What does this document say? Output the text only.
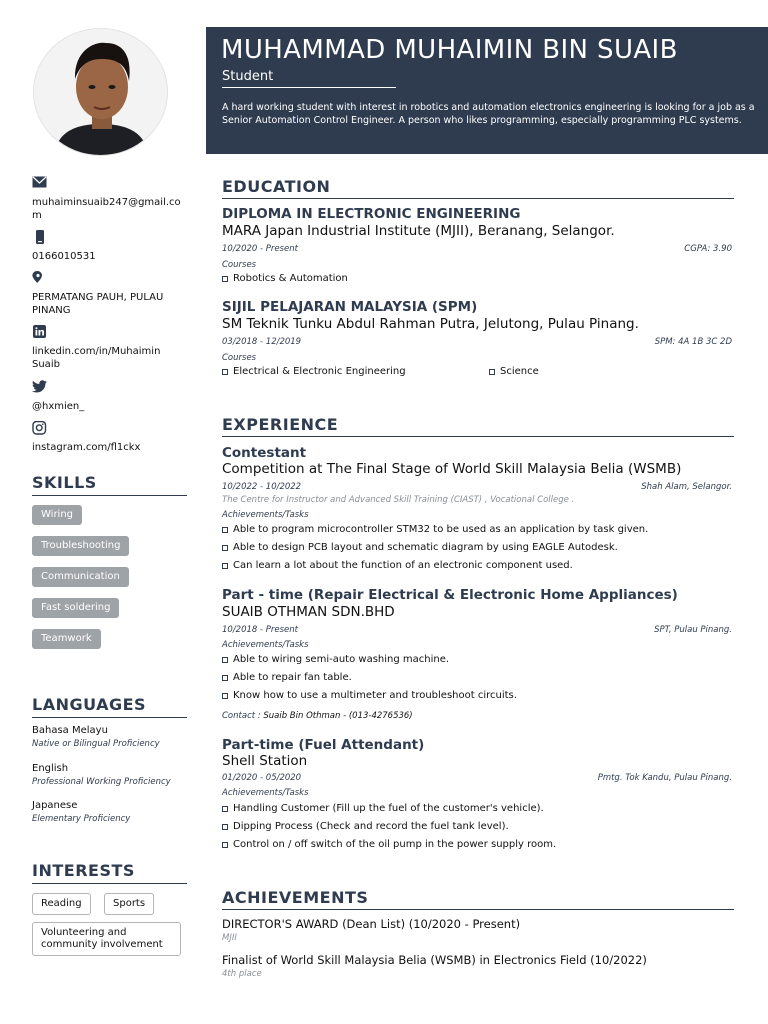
muhaiminsuaib247@gmail.com
0166010531
PERMATANG PAUH, PULAU PINANG
linkedin.com/in/Muhaimin Suaib
@hxmien_
instagram.com/fl1ckx
SKILLS
Wiring
Troubleshooting
Communication
Fast soldering
Teamwork
LANGUAGES
Bahasa Melayu
Native or Bilingual Proficiency
English
Professional Working Proficiency
Japanese
Elementary Proficiency
INTERESTS
Reading	Sports
Volunteering and community involvement
MUHAMMAD MUHAIMIN BIN SUAIB
Student
A hard working student with interest in robotics and automation electronics engineering is looking for a job as a Senior Automation Control Engineer. A person who likes programming, especially programming PLC systems.
EDUCATION
DIPLOMA IN ELECTRONIC ENGINEERING
MARA Japan Industrial Institute (MJII), Beranang, Selangor.
10/2020 - Present	CGPA: 3.90
Courses
Robotics & Automation
SIJIL PELAJARAN MALAYSIA (SPM)
SM Teknik Tunku Abdul Rahman Putra, Jelutong, Pulau Pinang.
03/2018 - 12/2019	SPM: 4A 1B 3C 2D
Courses
Electrical & Electronic Engineering	Science
EXPERIENCE
Contestant
Competition at The Final Stage of World Skill Malaysia Belia (WSMB)
10/2022 - 10/2022	Shah Alam, Selangor.
The Centre for Instructor and Advanced Skill Training (CIAST) , Vocational College .
Achievements/Tasks
Able to program microcontroller STM32 to be used as an application by task given.
Able to design PCB layout and schematic diagram by using EAGLE Autodesk.
Can learn a lot about the function of an electronic component used.
Part - time (Repair Electrical & Electronic Home Appliances)
SUAIB OTHMAN SDN.BHD
10/2018 - Present	SPT, Pulau Pinang.
Achievements/Tasks
Able to wiring semi-auto washing machine.
Able to repair fan table.
Know how to use a multimeter and troubleshoot circuits.
Contact : Suaib Bin Othman - (013-4276536)
Part-time (Fuel Attendant)
Shell Station
01/2020 - 05/2020	Pmtg. Tok Kandu, Pulau Pinang.
Achievements/Tasks
Handling Customer (Fill up the fuel of the customer's vehicle).
Dipping Process (Check and record the fuel tank level).
Control on / off switch of the oil pump in the power supply room.
ACHIEVEMENTS
DIRECTOR'S AWARD (Dean List) (10/2020 - Present)
MJII
Finalist of World Skill Malaysia Belia (WSMB) in Electronics Field (10/2022)
4th place
